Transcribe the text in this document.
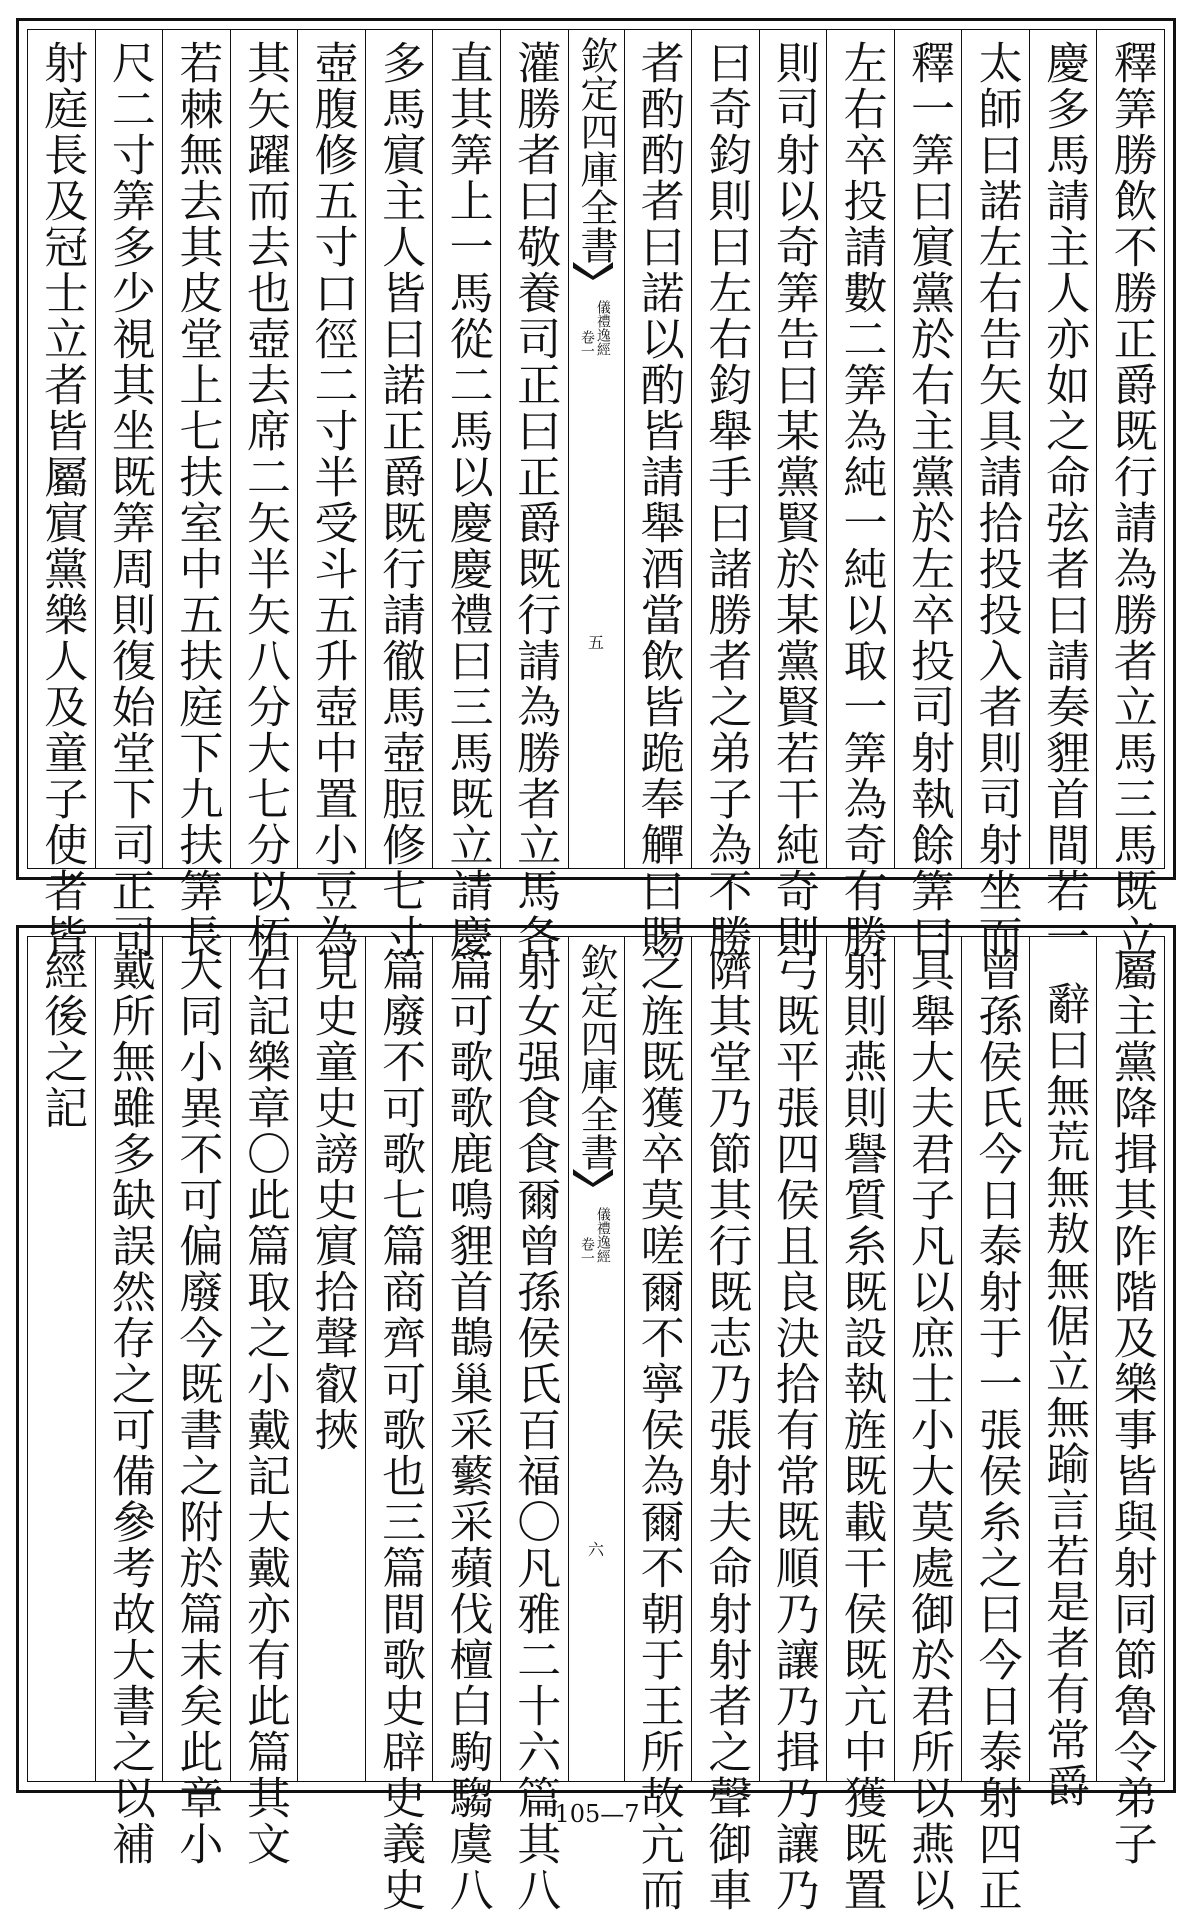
釋筭勝飲不勝正爵既行請為勝者立馬三馬既立
慶多馬請主人亦如之命弦者曰請奏貍首間若一
太師曰諾左右告矢具請拾投投入者則司射坐而
釋一筭曰賔黨於右主黨於左卒投司射執餘筭曰
左右卒投請數二筭為純一純以取一筭為奇有勝
則司射以奇筭告曰某黨賢於某黨賢若干純奇則
曰奇鈞則曰左右鈞舉手曰諸勝者之弟子為不勝
者酌酌者曰諾以酌皆請舉酒當飲皆跪奉觶曰賜
欽定四庫全書
儀禮逸經
卷一
五
灌勝者曰敬養司正曰正爵既行請為勝者立馬各
直其筭上一馬從二馬以慶慶禮曰三馬既立請慶
多馬賔主人皆曰諾正爵既行請徹馬壺脰修七寸
壺腹修五寸口徑二寸半受斗五升壺中置小豆為
其矢躍而去也壺去席二矢半矢八分大七分以柘
若棘無去其皮堂上七扶室中五扶庭下九扶筭長
尺二寸筭多少視其坐既筭周則復始堂下司正司
射庭長及冠士立者皆屬賔黨樂人及童子使者皆
屬主黨降揖其阼階及樂事皆與射同節魯令弟子
辭曰無荒無敖無倨立無踰言若是者有常爵
曾孫侯氏今日泰射于一張侯糸之曰今日泰射四正
具舉大夫君子凡以庶士小大莫處御於君所以燕以
射則燕則譽質糸既設執旌既載干侯既亢中獲既置
弓既平張四侯且良決拾有常既順乃讓乃揖乃讓乃
隮其堂乃節其行既志乃張射夫命射射者之聲御車
之旌既獲卒莫嗟爾不寧侯為爾不朝于王所故亢而
欽定四庫全書
儀禮逸經
卷一
六
射女强食食爾曾孫侯氏百福〇凡雅二十六篇其八
篇可歌歌鹿鳴貍首鵲巢采蘩采蘋伐檀白駒騶虞八
篇廢不可歌七篇商齊可歌也三篇間歌史辟史義史
見史童史謗史賔拾聲叡挾
右記樂章〇此篇取之小戴記大戴亦有此篇其文
大同小異不可偏廢今既書之附於篇末矣此章小
戴所無雖多缺誤然存之可備參考故大書之以補
經後之記
105—7
